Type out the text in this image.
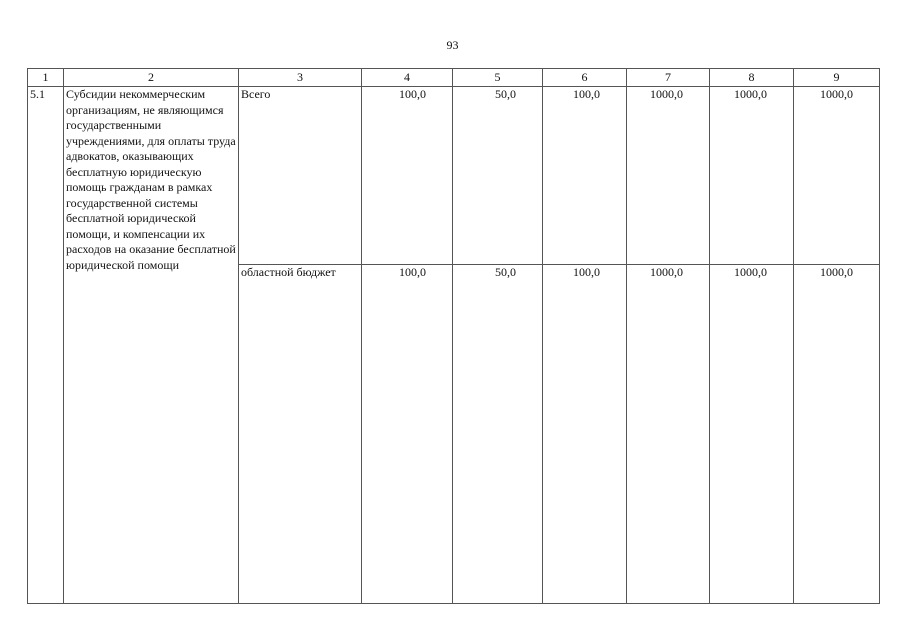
93
1	2	3	4	5	6	7	8	9
5.1	Субсидии некоммерческим организациям, не являющимся государственными учреждениями, для оплаты труда адвокатов, оказывающих бесплатную юридическую помощь гражданам в рамках государственной системы бесплатной юридической помощи, и компенсации их расходов на оказание бесплатной юридической помощи	Всего	100,0	50,0	100,0	1000,0	1000,0	1000,0
		областной бюджет	100,0	50,0	100,0	1000,0	1000,0	1000,0
